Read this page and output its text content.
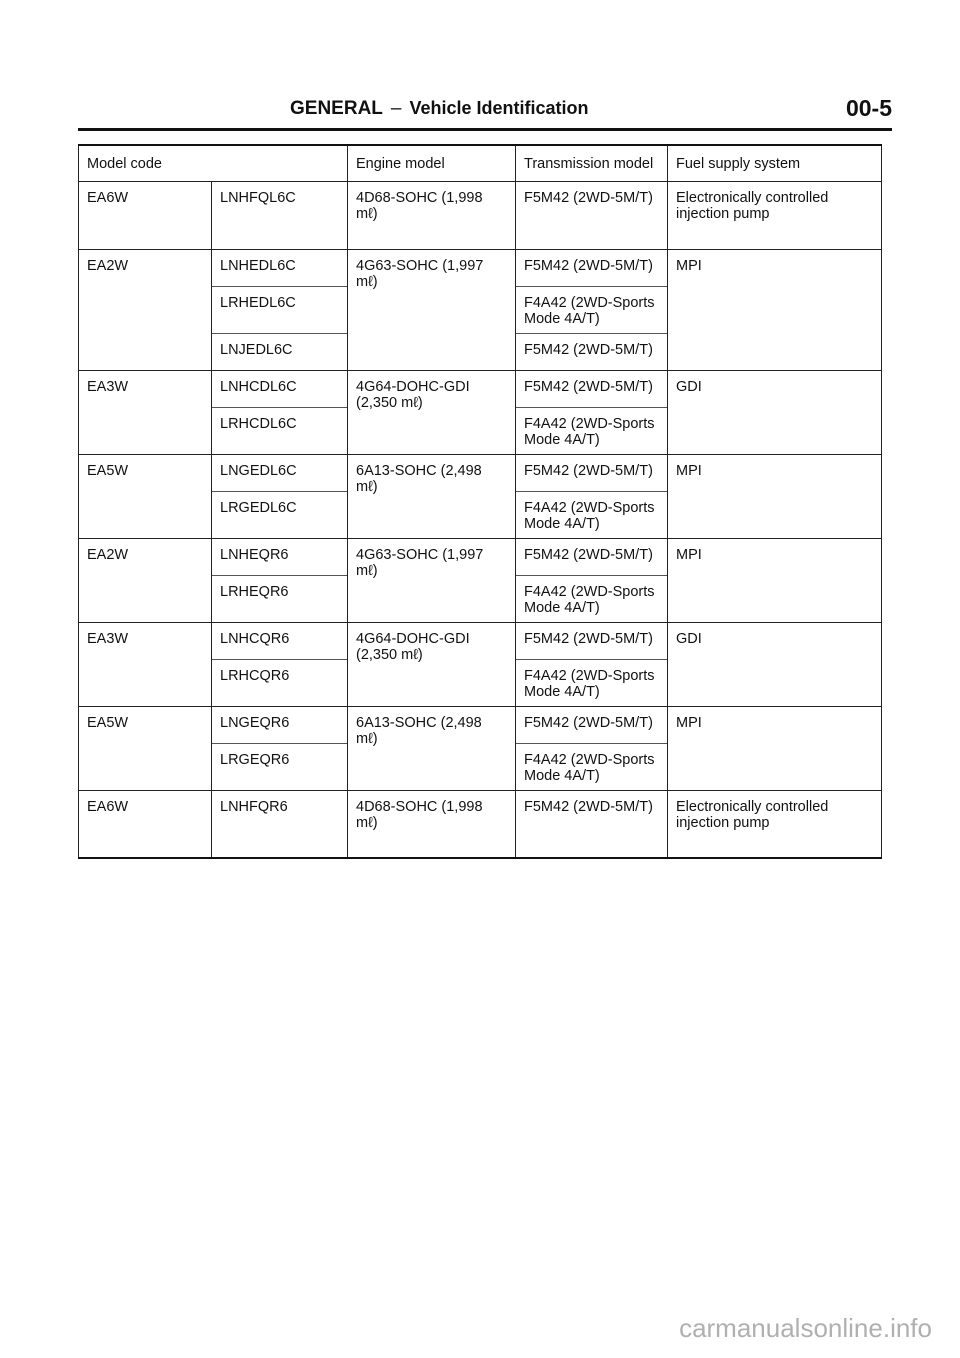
GENERAL – Vehicle Identification	00-5
Model code		Engine model	Transmission model	Fuel supply system
EA6W	LNHFQL6C	4D68-SOHC (1,998 mℓ)	F5M42 (2WD-5M/T)	Electronically controlled injection pump
EA2W	LNHEDL6C	4G63-SOHC (1,997 mℓ)	F5M42 (2WD-5M/T)	MPI
	LRHEDL6C		F4A42 (2WD-Sports Mode 4A/T)	
	LNJEDL6C		F5M42 (2WD-5M/T)	
EA3W	LNHCDL6C	4G64-DOHC-GDI (2,350 mℓ)	F5M42 (2WD-5M/T)	GDI
	LRHCDL6C		F4A42 (2WD-Sports Mode 4A/T)	
EA5W	LNGEDL6C	6A13-SOHC (2,498 mℓ)	F5M42 (2WD-5M/T)	MPI
	LRGEDL6C		F4A42 (2WD-Sports Mode 4A/T)	
EA2W	LNHEQR6	4G63-SOHC (1,997 mℓ)	F5M42 (2WD-5M/T)	MPI
	LRHEQR6		F4A42 (2WD-Sports Mode 4A/T)	
EA3W	LNHCQR6	4G64-DOHC-GDI (2,350 mℓ)	F5M42 (2WD-5M/T)	GDI
	LRHCQR6		F4A42 (2WD-Sports Mode 4A/T)	
EA5W	LNGEQR6	6A13-SOHC (2,498 mℓ)	F5M42 (2WD-5M/T)	MPI
	LRGEQR6		F4A42 (2WD-Sports Mode 4A/T)	
EA6W	LNHFQR6	4D68-SOHC (1,998 mℓ)	F5M42 (2WD-5M/T)	Electronically controlled injection pump
carmanualsonline.info
